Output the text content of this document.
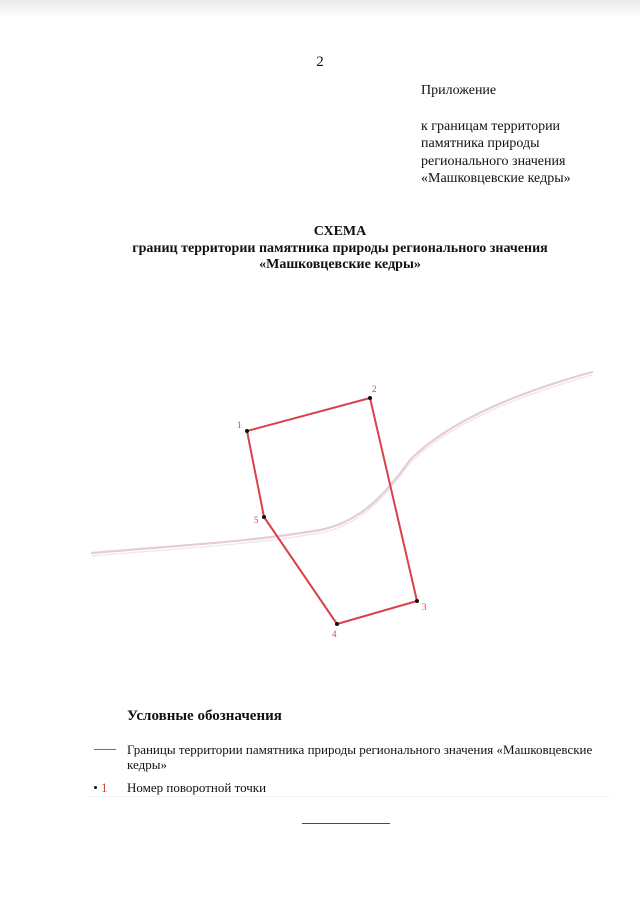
2
Приложение
к границам территории
памятника природы
регионального значения
«Машковцевские кедры»
СХЕМА
границ территории памятника природы регионального значения
«Машковцевские кедры»
1
2
3
4
5
Условные обозначения
Границы территории памятника природы регионального значения «Машковцевские кедры»
1 Номер поворотной точки
